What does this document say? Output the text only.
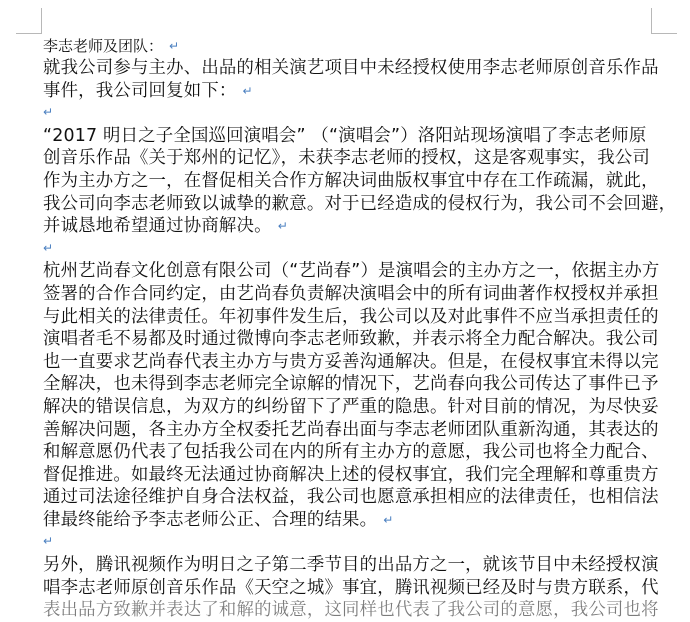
李志老师及团队： ↵

就我公司参与主办、出品的相关演艺项目中未经授权使用李志老师原创音乐作品
事件，我公司回复如下： ↵

↵

“2017 明日之子全国巡回演唱会” （“演唱会”）洛阳站现场演唱了李志老师原
创音乐作品《关于郑州的记忆》，未获李志老师的授权，这是客观事实，我公司
作为主办方之一，在督促相关合作方解决词曲版权事宜中存在工作疏漏，就此，
我公司向李志老师致以诚挚的歉意。对于已经造成的侵权行为，我公司不会回避，
并诚恳地希望通过协商解决。 ↵

↵

杭州艺尚春文化创意有限公司（“艺尚春”）是演唱会的主办方之一，依据主办方
签署的合作合同约定，由艺尚春负责解决演唱会中的所有词曲著作权授权并承担
与此相关的法律责任。年初事件发生后，我公司以及对此事件不应当承担责任的
演唱者毛不易都及时通过微博向李志老师致歉，并表示将全力配合解决。我公司
也一直要求艺尚春代表主办方与贵方妥善沟通解决。但是，在侵权事宜未得以完
全解决，也未得到李志老师完全谅解的情况下，艺尚春向我公司传达了事件已予
解决的错误信息，为双方的纠纷留下了严重的隐患。针对目前的情况，为尽快妥
善解决问题，各主办方全权委托艺尚春出面与李志老师团队重新沟通，其表达的
和解意愿仍代表了包括我公司在内的所有主办方的意愿，我公司也将全力配合、
督促推进。如最终无法通过协商解决上述的侵权事宜，我们完全理解和尊重贵方
通过司法途径维护自身合法权益，我公司也愿意承担相应的法律责任，也相信法
律最终能给予李志老师公正、合理的结果。 ↵

↵

另外，腾讯视频作为明日之子第二季节目的出品方之一，就该节目中未经授权演
唱李志老师原创音乐作品《天空之城》事宜，腾讯视频已经及时与贵方联系，代
表出品方致歉并表达了和解的诚意，这同样也代表了我公司的意愿，我公司也将
